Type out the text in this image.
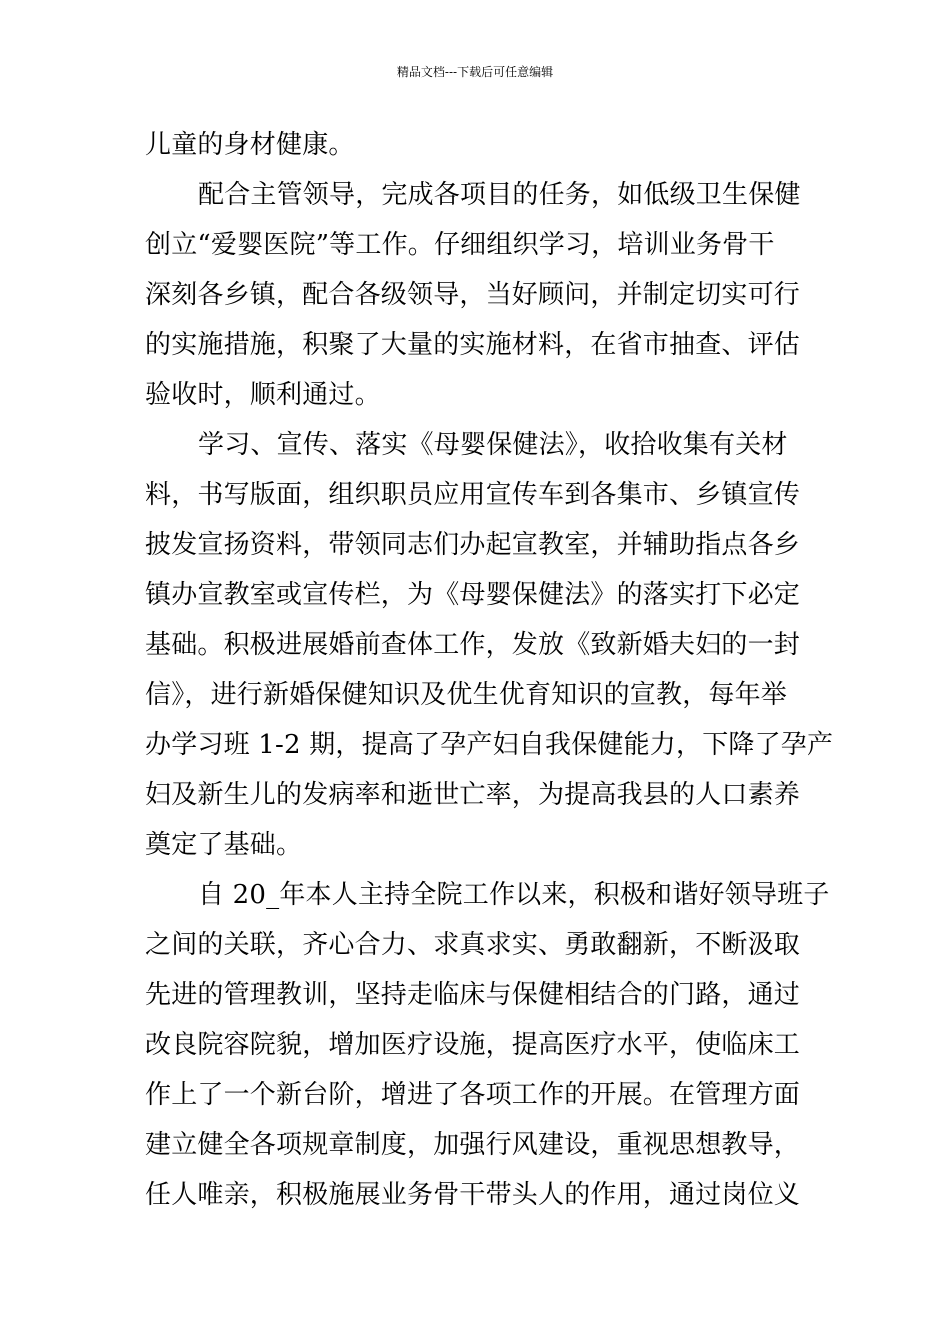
精品文档---下载后可任意编辑
儿童的身材健康。
配合主管领导，完成各项目的任务，如低级卫生保健
创立“爱婴医院”等工作。仔细组织学习，培训业务骨干
深刻各乡镇，配合各级领导，当好顾问，并制定切实可行
的实施措施，积聚了大量的实施材料，在省市抽查、评估
验收时，顺利通过。
学习、宣传、落实《母婴保健法》，收拾收集有关材
料，书写版面，组织职员应用宣传车到各集市、乡镇宣传
披发宣扬资料，带领同志们办起宣教室，并辅助指点各乡
镇办宣教室或宣传栏，为《母婴保健法》的落实打下必定
基础。积极进展婚前查体工作，发放《致新婚夫妇的一封
信》，进行新婚保健知识及优生优育知识的宣教，每年举
办学习班 1-2 期，提高了孕产妇自我保健能力，下降了孕产
妇及新生儿的发病率和逝世亡率，为提高我县的人口素养
奠定了基础。
自 20_年本人主持全院工作以来，积极和谐好领导班子
之间的关联，齐心合力、求真求实、勇敢翻新，不断汲取
先进的管理教训，坚持走临床与保健相结合的门路，通过
改良院容院貌，增加医疗设施，提高医疗水平，使临床工
作上了一个新台阶，增进了各项工作的开展。在管理方面
建立健全各项规章制度，加强行风建设，重视思想教导，
任人唯亲，积极施展业务骨干带头人的作用，通过岗位义
